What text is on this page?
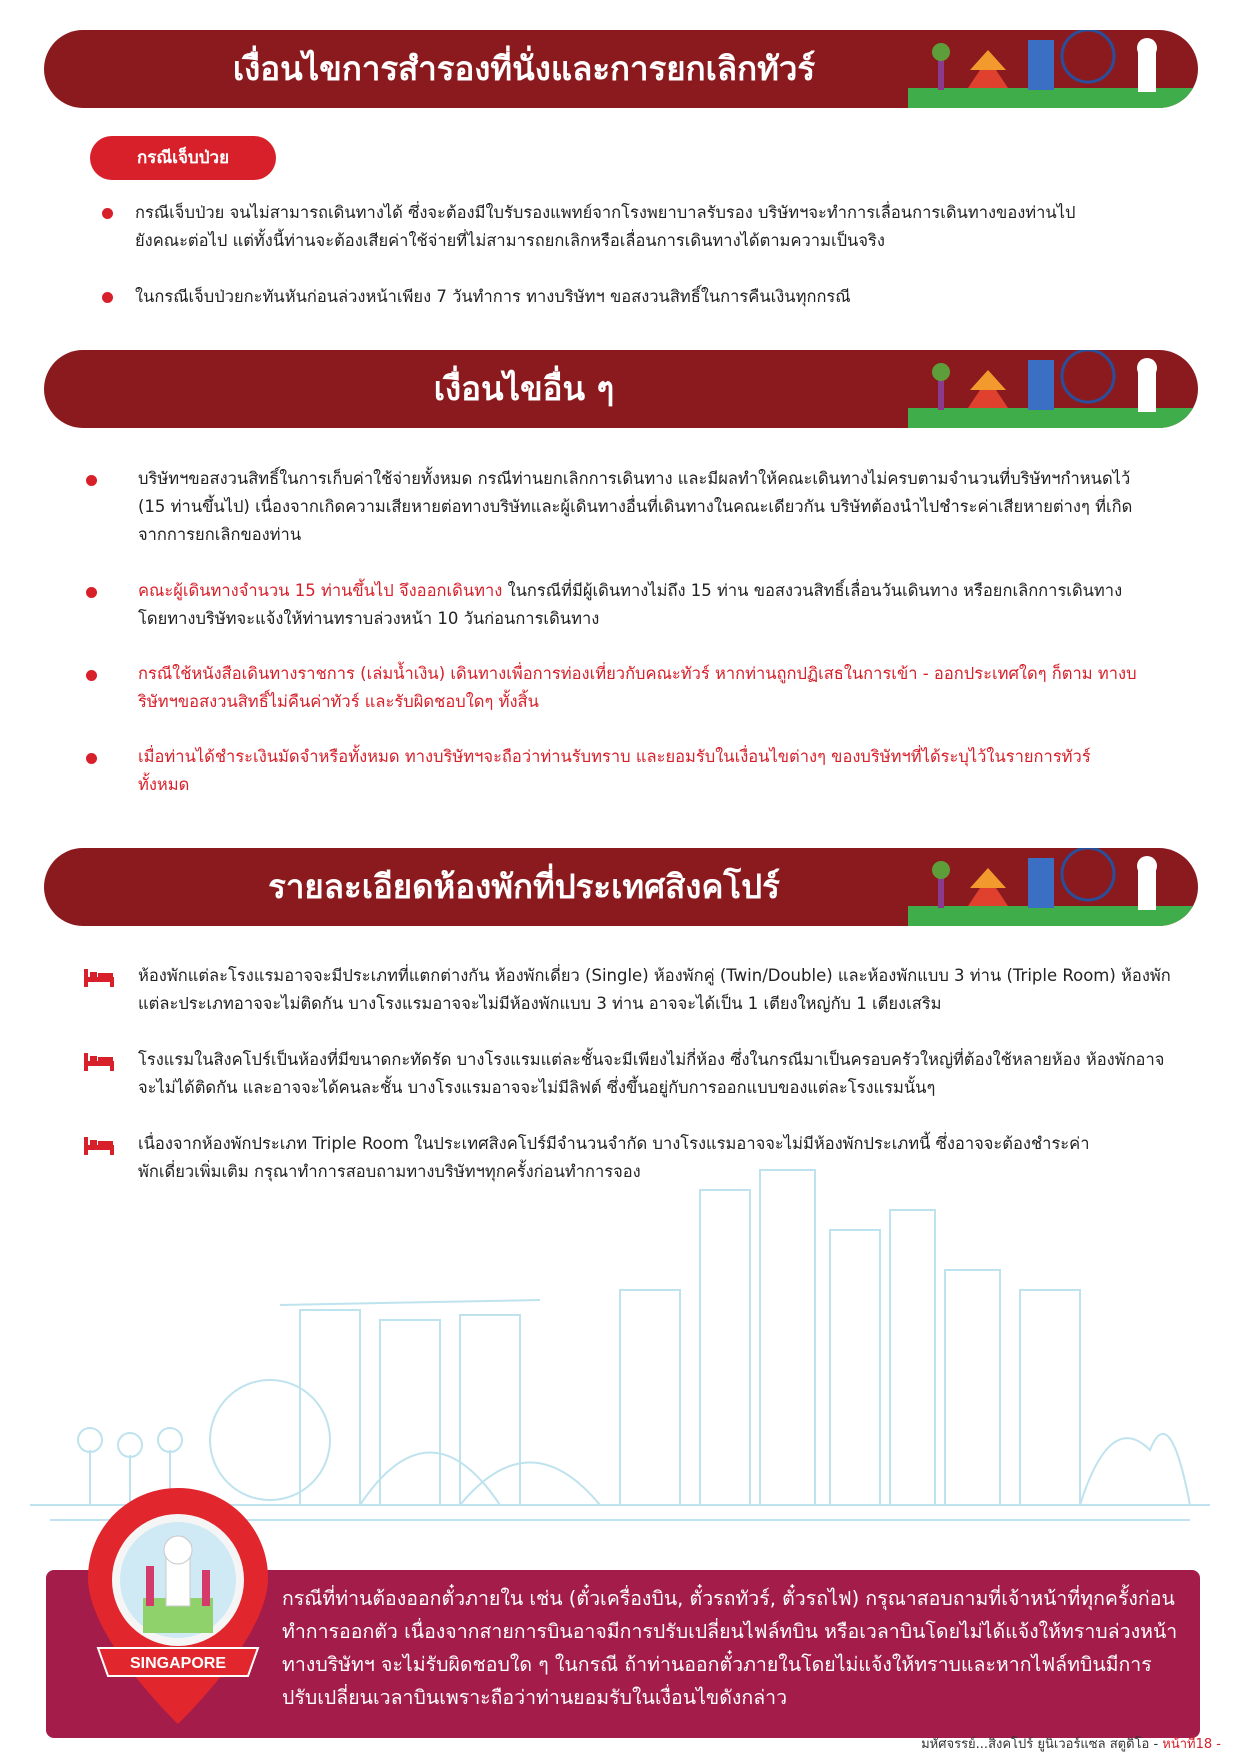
เงื่อนไขการสำรองที่นั่งและการยกเลิกทัวร์
กรณีเจ็บป่วย
กรณีเจ็บป่วย จนไม่สามารถเดินทางได้ ซึ่งจะต้องมีใบรับรองแพทย์จากโรงพยาบาลรับรอง บริษัทฯจะทำการเลื่อนการเดินทางของท่านไปยังคณะต่อไป แต่ทั้งนี้ท่านจะต้องเสียค่าใช้จ่ายที่ไม่สามารถยกเลิกหรือเลื่อนการเดินทางได้ตามความเป็นจริง
ในกรณีเจ็บป่วยกะทันหันก่อนล่วงหน้าเพียง 7 วันทำการ ทางบริษัทฯ ขอสงวนสิทธิ์ในการคืนเงินทุกกรณี
เงื่อนไขอื่น ๆ
บริษัทฯขอสงวนสิทธิ์ในการเก็บค่าใช้จ่ายทั้งหมด กรณีท่านยกเลิกการเดินทาง และมีผลทำให้คณะเดินทางไม่ครบตามจำนวนที่บริษัทฯกำหนดไว้ (15 ท่านขึ้นไป) เนื่องจากเกิดความเสียหายต่อทางบริษัทและผู้เดินทางอื่นที่เดินทางในคณะเดียวกัน บริษัทต้องนำไปชำระค่าเสียหายต่างๆ ที่เกิดจากการยกเลิกของท่าน
คณะผู้เดินทางจำนวน 15 ท่านขึ้นไป จึงออกเดินทาง ในกรณีที่มีผู้เดินทางไม่ถึง 15 ท่าน ขอสงวนสิทธิ์เลื่อนวันเดินทาง หรือยกเลิกการเดินทาง โดยทางบริษัทจะแจ้งให้ท่านทราบล่วงหน้า 10 วันก่อนการเดินทาง
กรณีใช้หนังสือเดินทางราชการ (เล่มน้ำเงิน) เดินทางเพื่อการท่องเที่ยวกับคณะทัวร์ หากท่านถูกปฏิเสธในการเข้า - ออกประเทศใดๆ ก็ตาม ทางบริษัทฯขอสงวนสิทธิ์ไม่คืนค่าทัวร์ และรับผิดชอบใดๆ ทั้งสิ้น
เมื่อท่านได้ชำระเงินมัดจำหรือทั้งหมด ทางบริษัทฯจะถือว่าท่านรับทราบ และยอมรับในเงื่อนไขต่างๆ ของบริษัทฯที่ได้ระบุไว้ในรายการทัวร์ทั้งหมด
รายละเอียดห้องพักที่ประเทศสิงคโปร์
ห้องพักแต่ละโรงแรมอาจจะมีประเภทที่แตกต่างกัน ห้องพักเดี่ยว (Single) ห้องพักคู่ (Twin/Double) และห้องพักแบบ 3 ท่าน (Triple Room) ห้องพักแต่ละประเภทอาจจะไม่ติดกัน บางโรงแรมอาจจะไม่มีห้องพักแบบ 3 ท่าน อาจจะได้เป็น 1 เตียงใหญ่กับ 1 เตียงเสริม
โรงแรมในสิงคโปร์เป็นห้องที่มีขนาดกะทัดรัด บางโรงแรมแต่ละชั้นจะมีเพียงไม่กี่ห้อง ซึ่งในกรณีมาเป็นครอบครัวใหญ่ที่ต้องใช้หลายห้อง ห้องพักอาจจะไม่ได้ติดกัน และอาจจะได้คนละชั้น บางโรงแรมอาจจะไม่มีลิฟต์ ซึ่งขึ้นอยู่กับการออกแบบของแต่ละโรงแรมนั้นๆ
เนื่องจากห้องพักประเภท Triple Room ในประเทศสิงคโปร์มีจำนวนจำกัด บางโรงแรมอาจจะไม่มีห้องพักประเภทนี้ ซึ่งอาจจะต้องชำระค่าพักเดี่ยวเพิ่มเติม กรุณาทำการสอบถามทางบริษัทฯทุกครั้งก่อนทำการจอง
SINGAPORE
กรณีที่ท่านต้องออกตั๋วภายใน เช่น (ตั๋วเครื่องบิน, ตั๋วรถทัวร์, ตั๋วรถไฟ) กรุณาสอบถามที่เจ้าหน้าที่ทุกครั้งก่อนทำการออกตัว เนื่องจากสายการบินอาจมีการปรับเปลี่ยนไฟล์ทบิน หรือเวลาบินโดยไม่ได้แจ้งให้ทราบล่วงหน้า ทางบริษัทฯ จะไม่รับผิดชอบใด ๆ ในกรณี ถ้าท่านออกตั๋วภายในโดยไม่แจ้งให้ทราบและหากไฟล์ทบินมีการปรับเปลี่ยนเวลาบินเพราะถือว่าท่านยอมรับในเงื่อนไขดังกล่าว
มหัศจรรย์...สิงคโปร์ ยูนิเวอร์แซล สตูดิโอ - หน้าที่18 -
